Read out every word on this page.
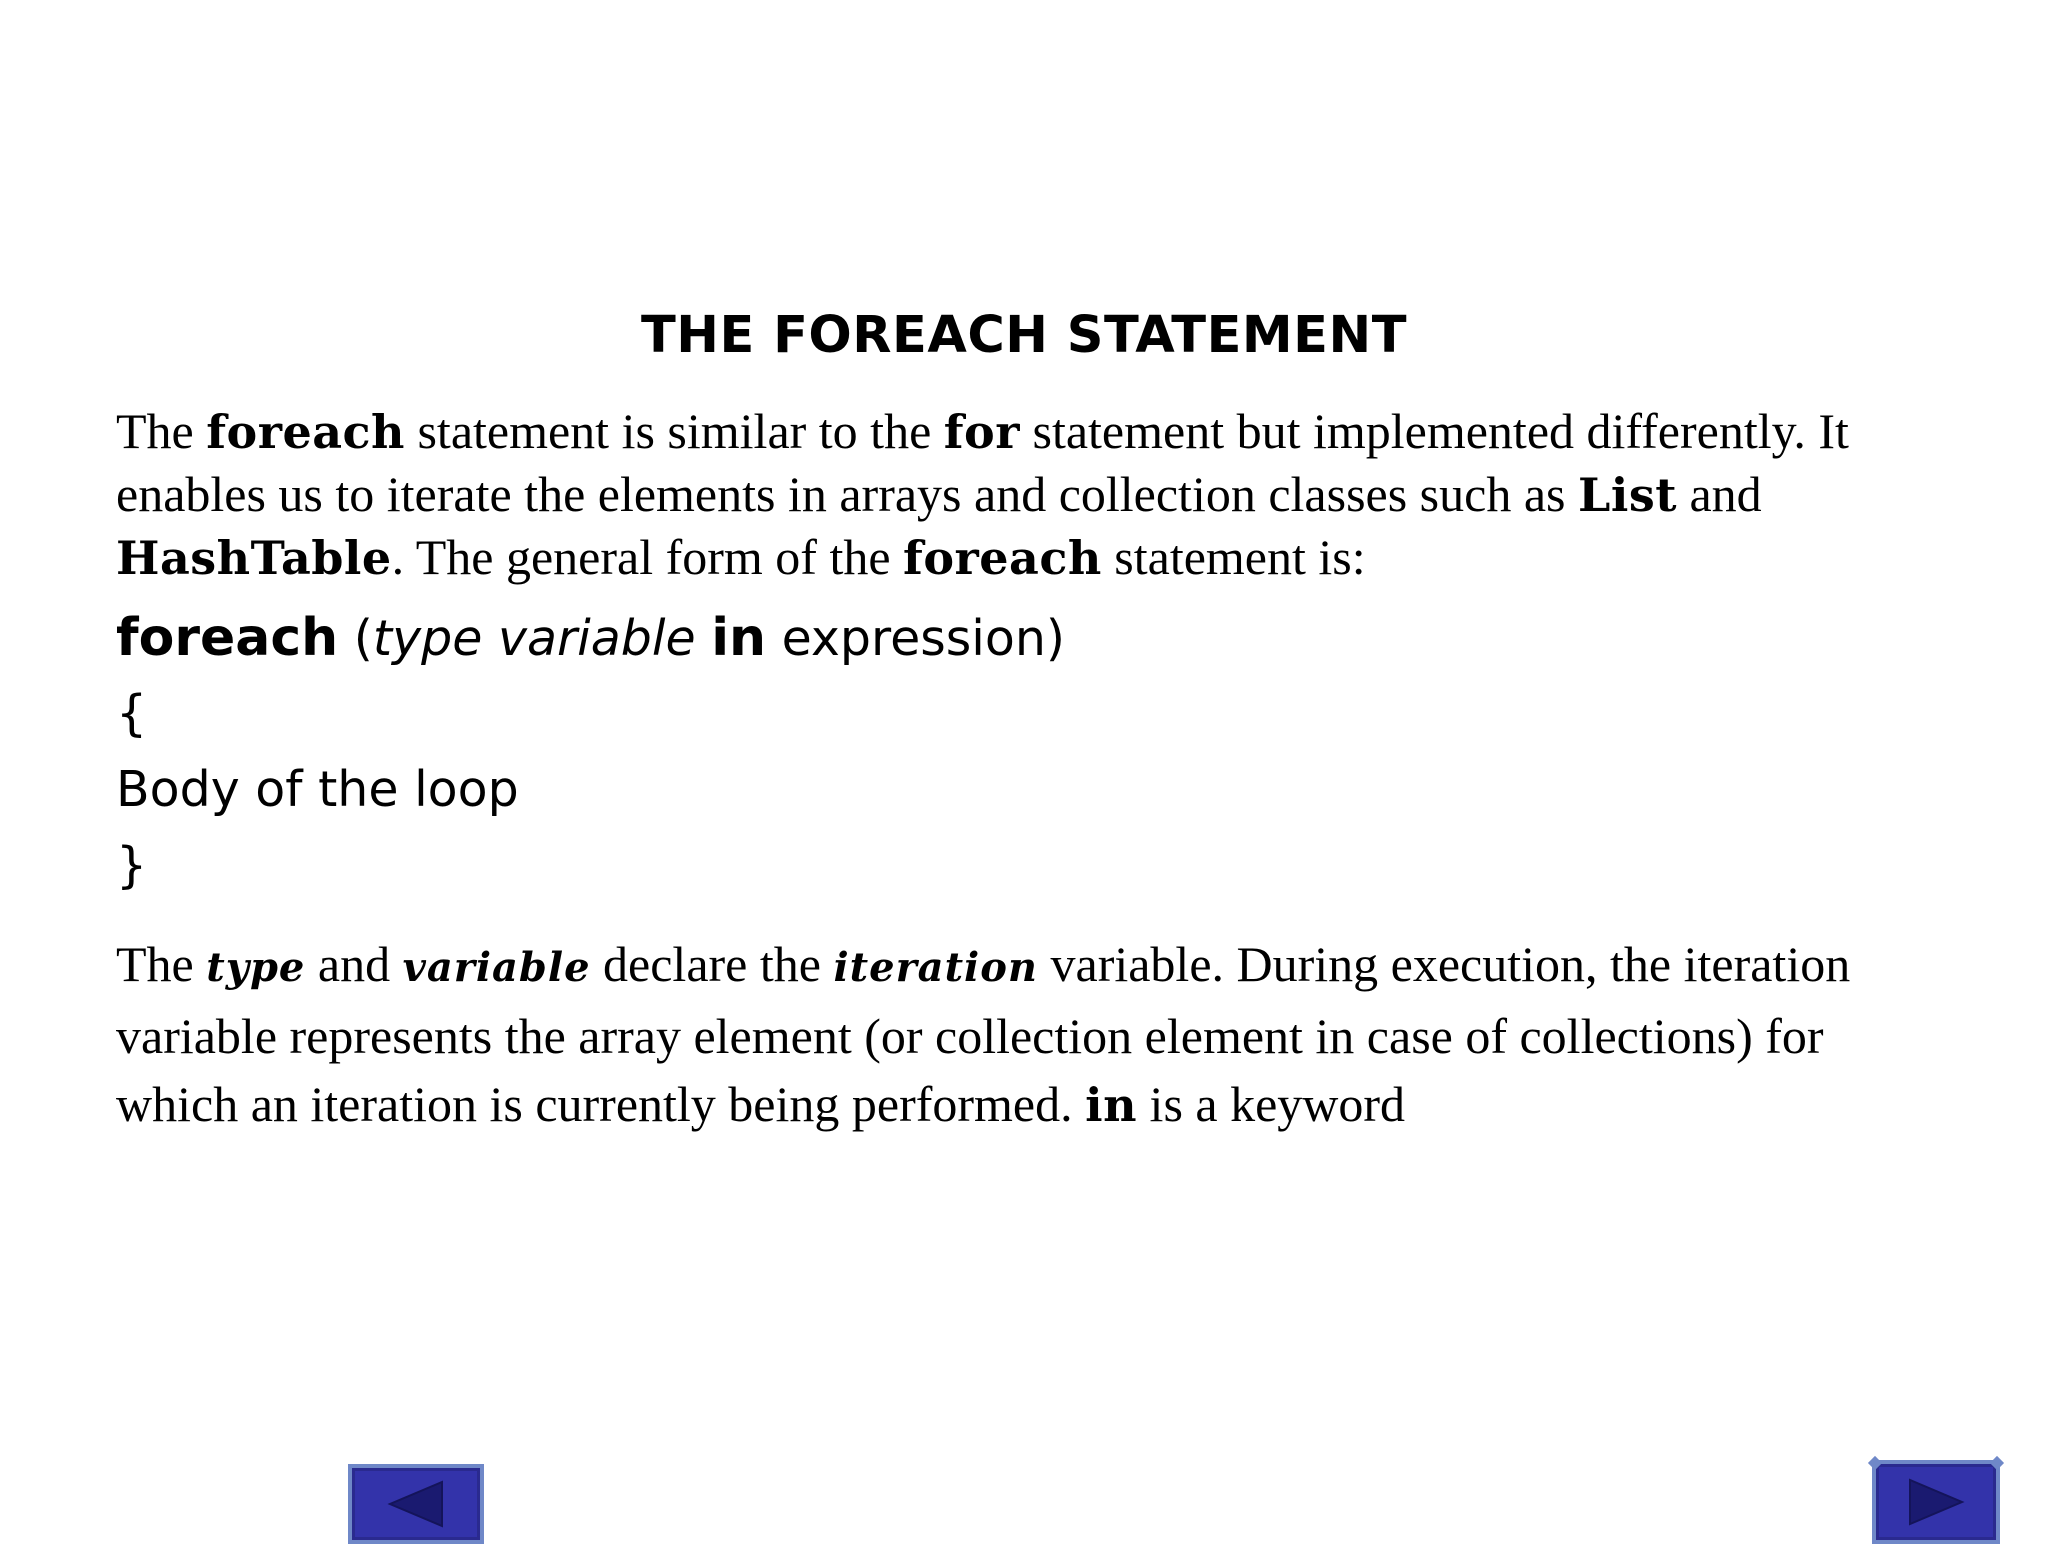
THE FOREACH STATEMENT
The foreach statement is similar to the for statement but implemented differently. It
enables us to iterate the elements in arrays and collection classes such as List and
HashTable. The general form of the foreach statement is:
foreach (type variable in expression)
{
Body of the loop
}
The type and variable declare the iteration variable. During execution, the iteration
variable represents the array element (or collection element in case of collections) for
which an iteration is currently being performed. in is a keyword
